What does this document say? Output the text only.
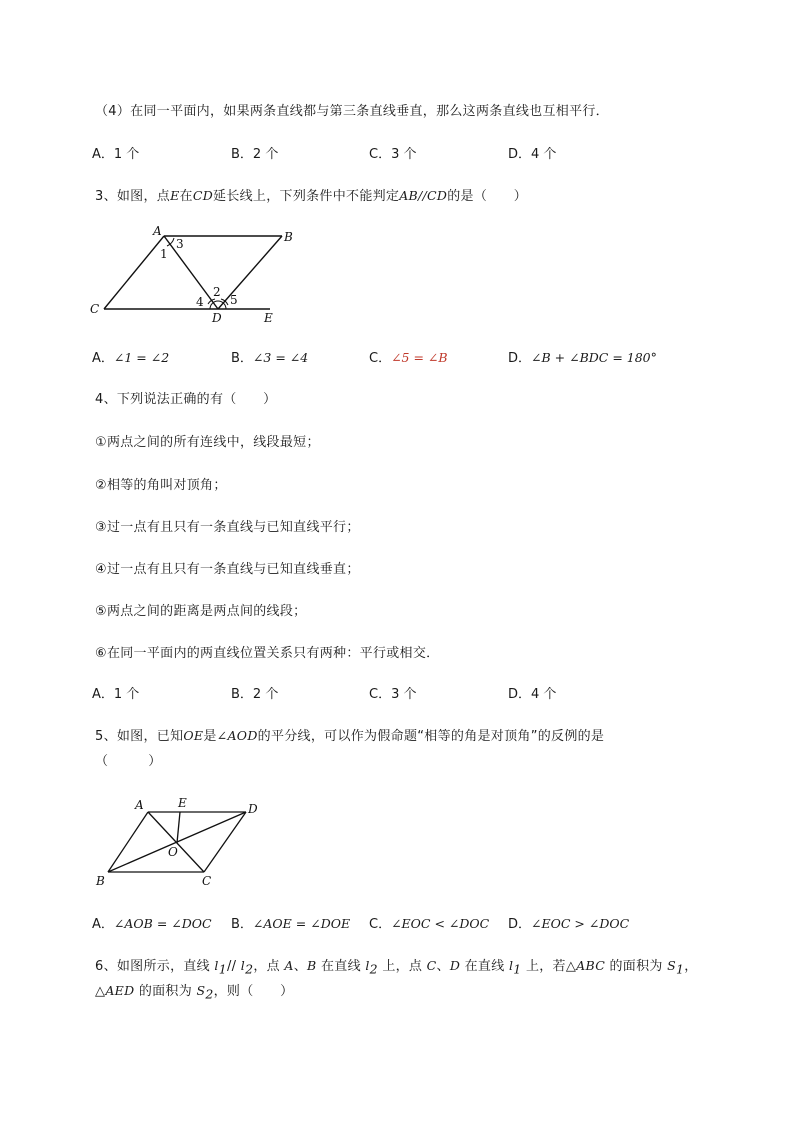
（4）在同一平面内，如果两条直线都与第三条直线垂直，那么这两条直线也互相平行．
A．1 个	B．2 个	C．3 个	D．4 个
3、如图，点E在CD延长线上，下列条件中不能判定AB//CD的是（　　）
A	B
C
D	E
1
3
2
4 5
A．∠1 = ∠2	B．∠3 = ∠4	C．∠5 = ∠B	D．∠B + ∠BDC = 180°
4、下列说法正确的有（　　）
①两点之间的所有连线中，线段最短；
②相等的角叫对顶角；
③过一点有且只有一条直线与已知直线平行；
④过一点有且只有一条直线与已知直线垂直；
⑤两点之间的距离是两点间的线段；
⑥在同一平面内的两直线位置关系只有两种：平行或相交．
A．1 个	B．2 个	C．3 个	D．4 个
5、如图，已知OE是∠AOD的平分线，可以作为假命题“相等的角是对顶角”的反例的是
（　　　）
A	E	D
O
B	C
A．∠AOB = ∠DOC B．∠AOE = ∠DOE C．∠EOC < ∠DOC D．∠EOC > ∠DOC
6、如图所示，直线 $l_1//$ $l_2$，点 A、B 在直线 $l_2$ 上，点 C、D 在直线 $l_1$ 上，若△ABC 的面积为 $S_1$，
△AED 的面积为 $S_2$，则（　　）
